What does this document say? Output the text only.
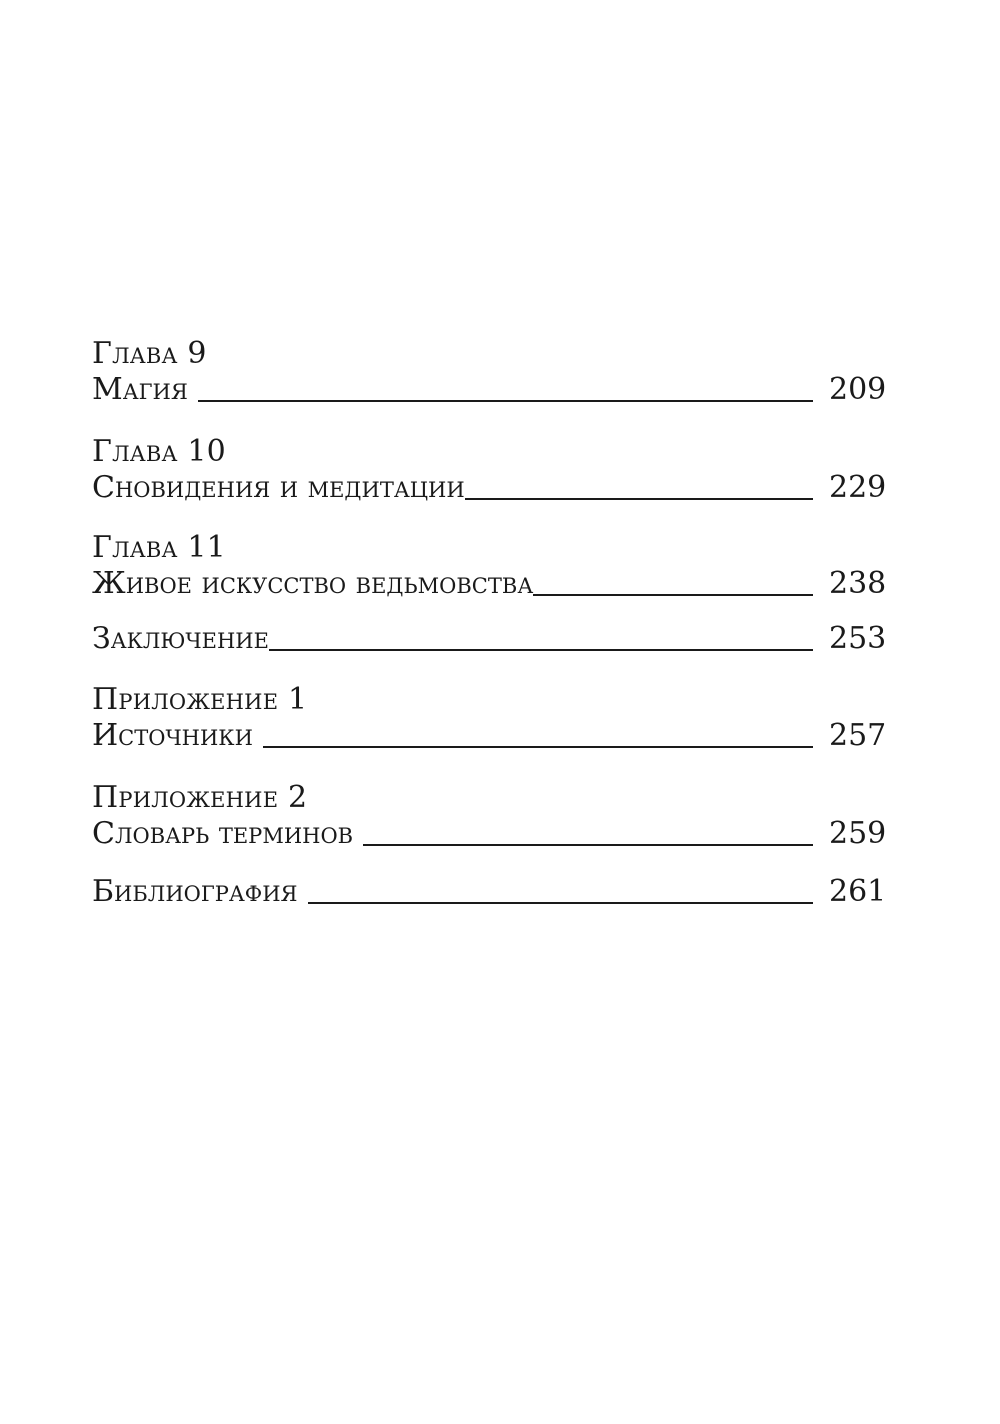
Глава 9
Магия	209
Глава 10
Сновидения и медитации	229
Глава 11
Живое искусство ведьмовства	238
Заключение	253
Приложение 1
Источники	257
Приложение 2
Словарь терминов	259
Библиография	261
